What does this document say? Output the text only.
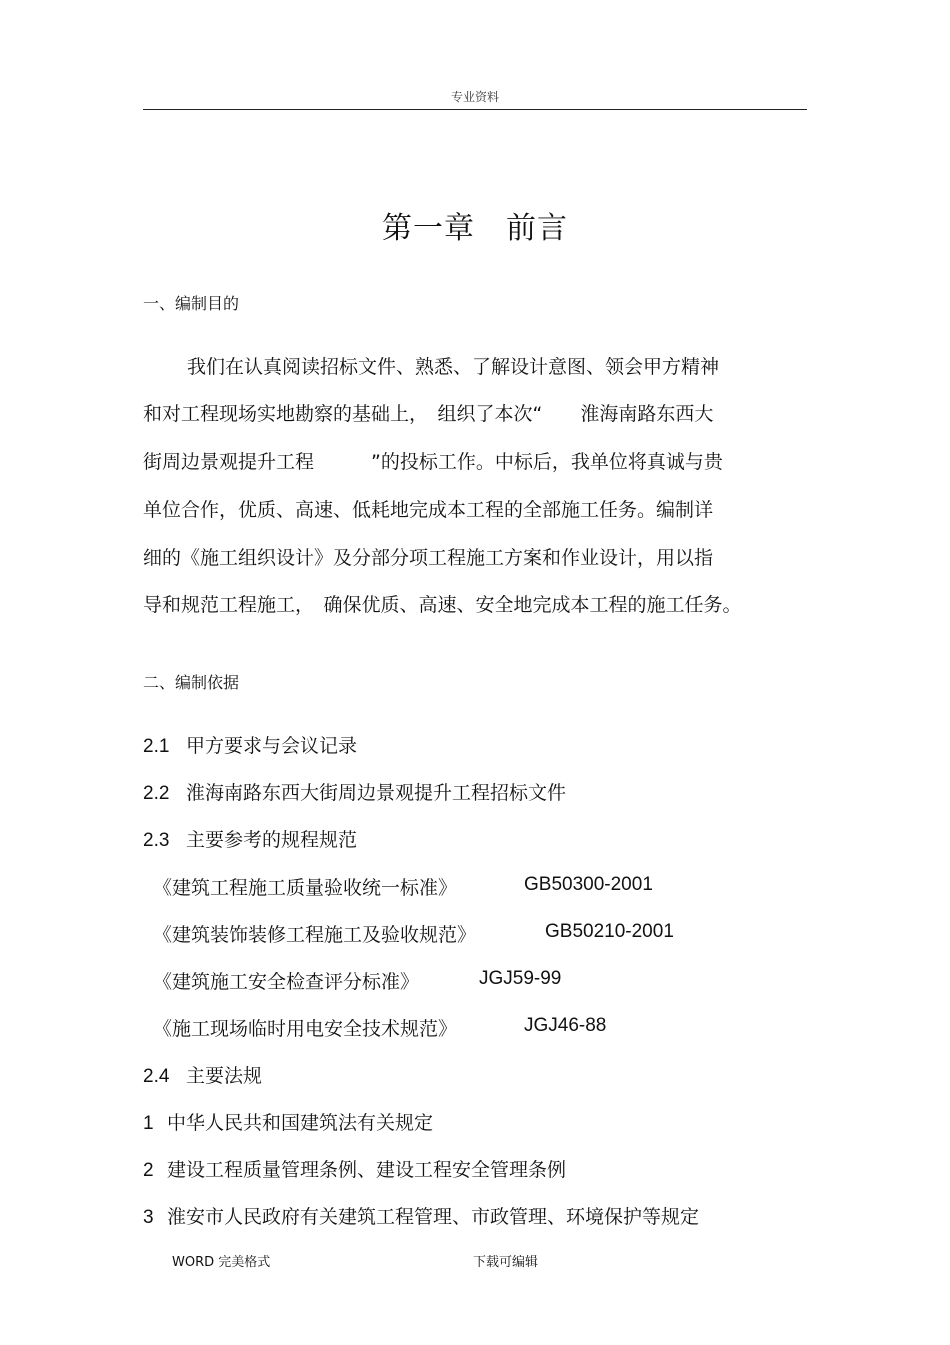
专业资料
第一章　前言
一、编制目的
我们在认真阅读招标文件、熟悉、了解设计意图、领会甲方精神
和对工程现场实地勘察的基础上，　组织了本次“　　淮海南路东西大
街周边景观提升工程　　　”的投标工作。中标后，我单位将真诚与贵
单位合作，优质、高速、低耗地完成本工程的全部施工任务。编制详
细的《施工组织设计》及分部分项工程施工方案和作业设计，用以指
导和规范工程施工，　确保优质、高速、安全地完成本工程的施工任务。
二、编制依据
2.1 甲方要求与会议记录
2.2 淮海南路东西大街周边景观提升工程招标文件
2.3 主要参考的规程规范
《建筑工程施工质量验收统一标准》	GB50300-2001
《建筑装饰装修工程施工及验收规范》	GB50210-2001
《建筑施工安全检查评分标准》	JGJ59-99
《施工现场临时用电安全技术规范》	JGJ46-88
2.4 主要法规
1 中华人民共和国建筑法有关规定
2 建设工程质量管理条例、建设工程安全管理条例
3 淮安市人民政府有关建筑工程管理、市政管理、环境保护等规定
WORD 完美格式	下载可编辑
